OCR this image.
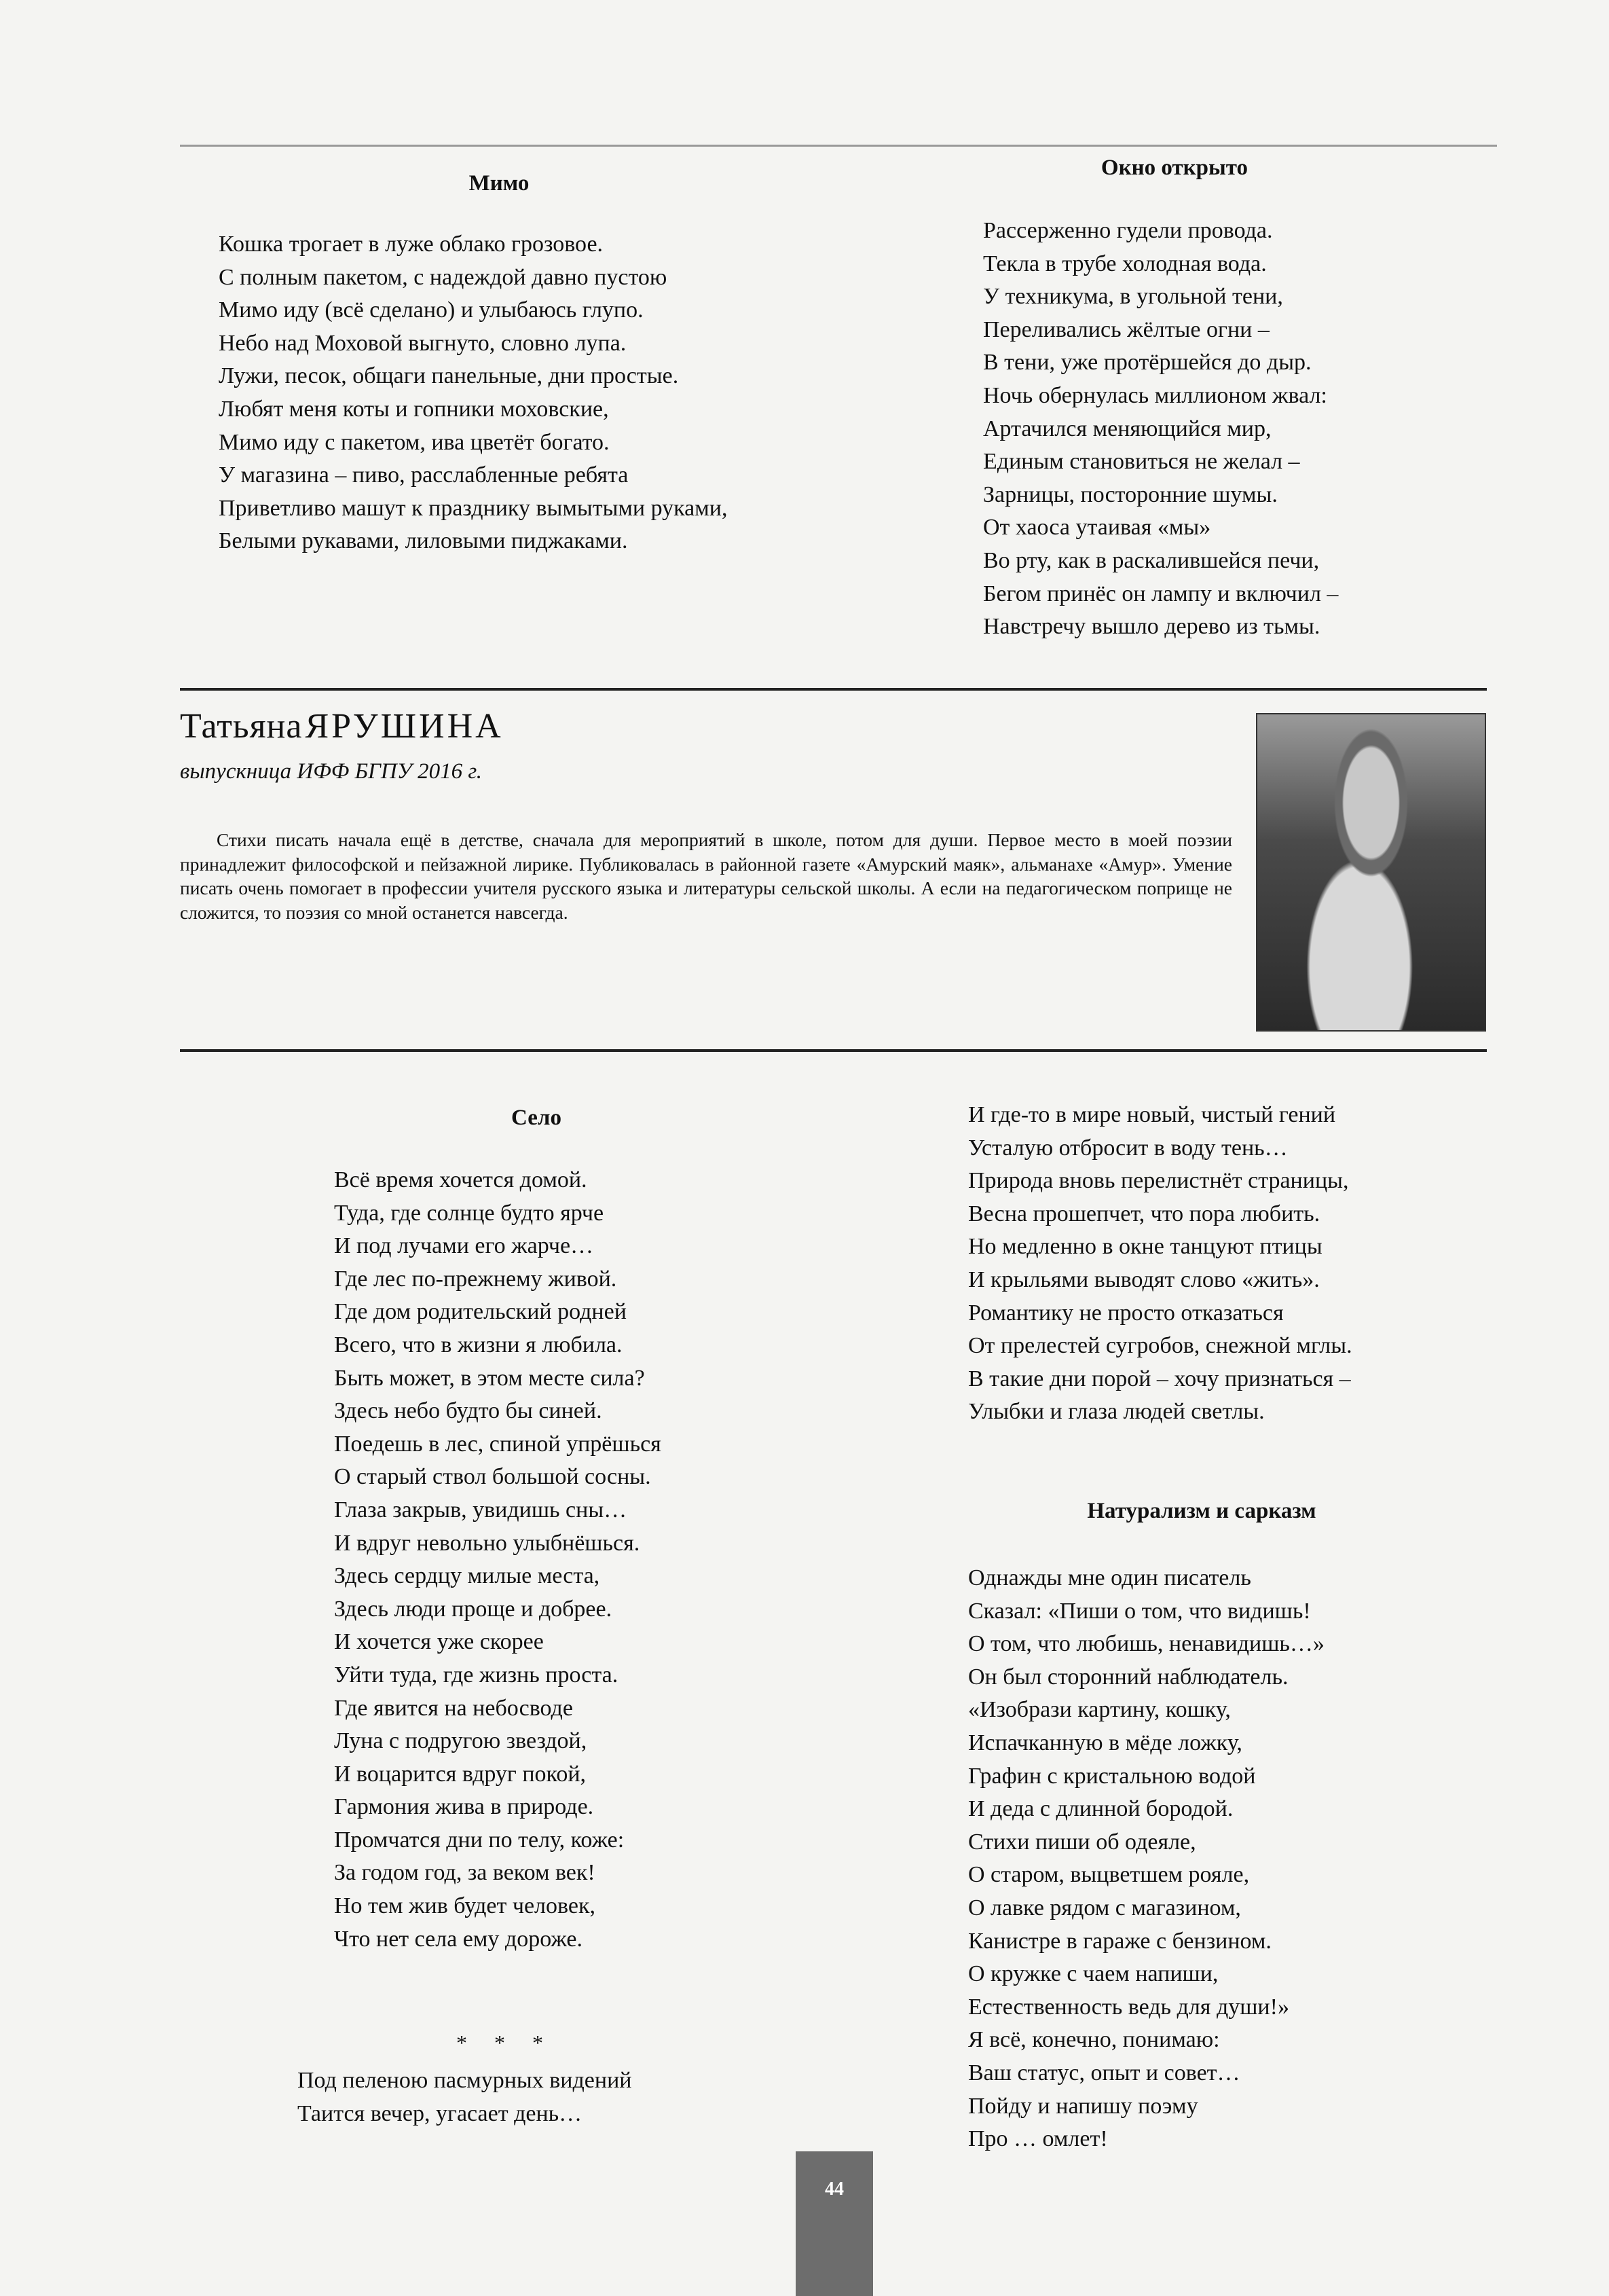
Мимо
Кошка трогает в луже облако грозовое.
С полным пакетом, с надеждой давно пустою
Мимо иду (всё сделано) и улыбаюсь глупо.
Небо над Моховой выгнуто, словно лупа.
Лужи, песок, общаги панельные, дни простые.
Любят меня коты и гопники моховские,
Мимо иду с пакетом, ива цветёт богато.
У магазина – пиво, расслабленные ребята
Приветливо машут к празднику вымытыми руками,
Белыми рукавами, лиловыми пиджаками.
Окно открыто
Рассерженно гудели провода.
Текла в трубе холодная вода.
У техникума, в угольной тени,
Переливались жёлтые огни –
В тени, уже протёршейся до дыр.
Ночь обернулась миллионом жвал:
Артачился меняющийся мир,
Единым становиться не желал –
Зарницы, посторонние шумы.
От хаоса утаивая «мы»
Во рту, как в раскалившейся печи,
Бегом принёс он лампу и включил –
Навстречу вышло дерево из тьмы.
Татьяна ЯРУШИНА
выпускница ИФФ БГПУ 2016 г.
Стихи писать начала ещё в детстве, сначала для мероприятий в школе, потом для души. Первое место в моей поэзии принадлежит философской и пейзажной лирике. Публиковалась в районной газете «Амурский маяк», альманахе «Амур». Умение писать очень помогает в профессии учителя русского языка и литературы сельской школы. А если на педагогическом поприще не сложится, то поэзия со мной останется навсегда.
Село
Всё время хочется домой.
Туда, где солнце будто ярче
И под лучами его жарче…
Где лес по-прежнему живой.
Где дом родительский родней
Всего, что в жизни я любила.
Быть может, в этом месте сила?
Здесь небо будто бы синей.
Поедешь в лес, спиной упрёшься
О старый ствол большой сосны.
Глаза закрыв, увидишь сны…
И вдруг невольно улыбнёшься.
Здесь сердцу милые места,
Здесь люди проще и добрее.
И хочется уже скорее
Уйти туда, где жизнь проста.
Где явится на небосводе
Луна с подругою звездой,
И воцарится вдруг покой,
Гармония жива в природе.
Промчатся дни по телу, коже:
За годом год, за веком век!
Но тем жив будет человек,
Что нет села ему дороже.
* * *
Под пеленою пасмурных видений
Таится вечер, угасает день…
И где-то в мире новый, чистый гений
Усталую отбросит в воду тень…
Природа вновь перелистнёт страницы,
Весна прошепчет, что пора любить.
Но медленно в окне танцуют птицы
И крыльями выводят слово «жить».
Романтику не просто отказаться
От прелестей сугробов, снежной мглы.
В такие дни порой – хочу признаться –
Улыбки и глаза людей светлы.
Натурализм и сарказм
Однажды мне один писатель
Сказал: «Пиши о том, что видишь!
О том, что любишь, ненавидишь…»
Он был сторонний наблюдатель.
«Изобрази картину, кошку,
Испачканную в мёде ложку,
Графин с кристальною водой
И деда с длинной бородой.
Стихи пиши об одеяле,
О старом, выцветшем рояле,
О лавке рядом с магазином,
Канистре в гараже с бензином.
О кружке с чаем напиши,
Естественность ведь для души!»
Я всё, конечно, понимаю:
Ваш статус, опыт и совет…
Пойду и напишу поэму
Про … омлет!
44
